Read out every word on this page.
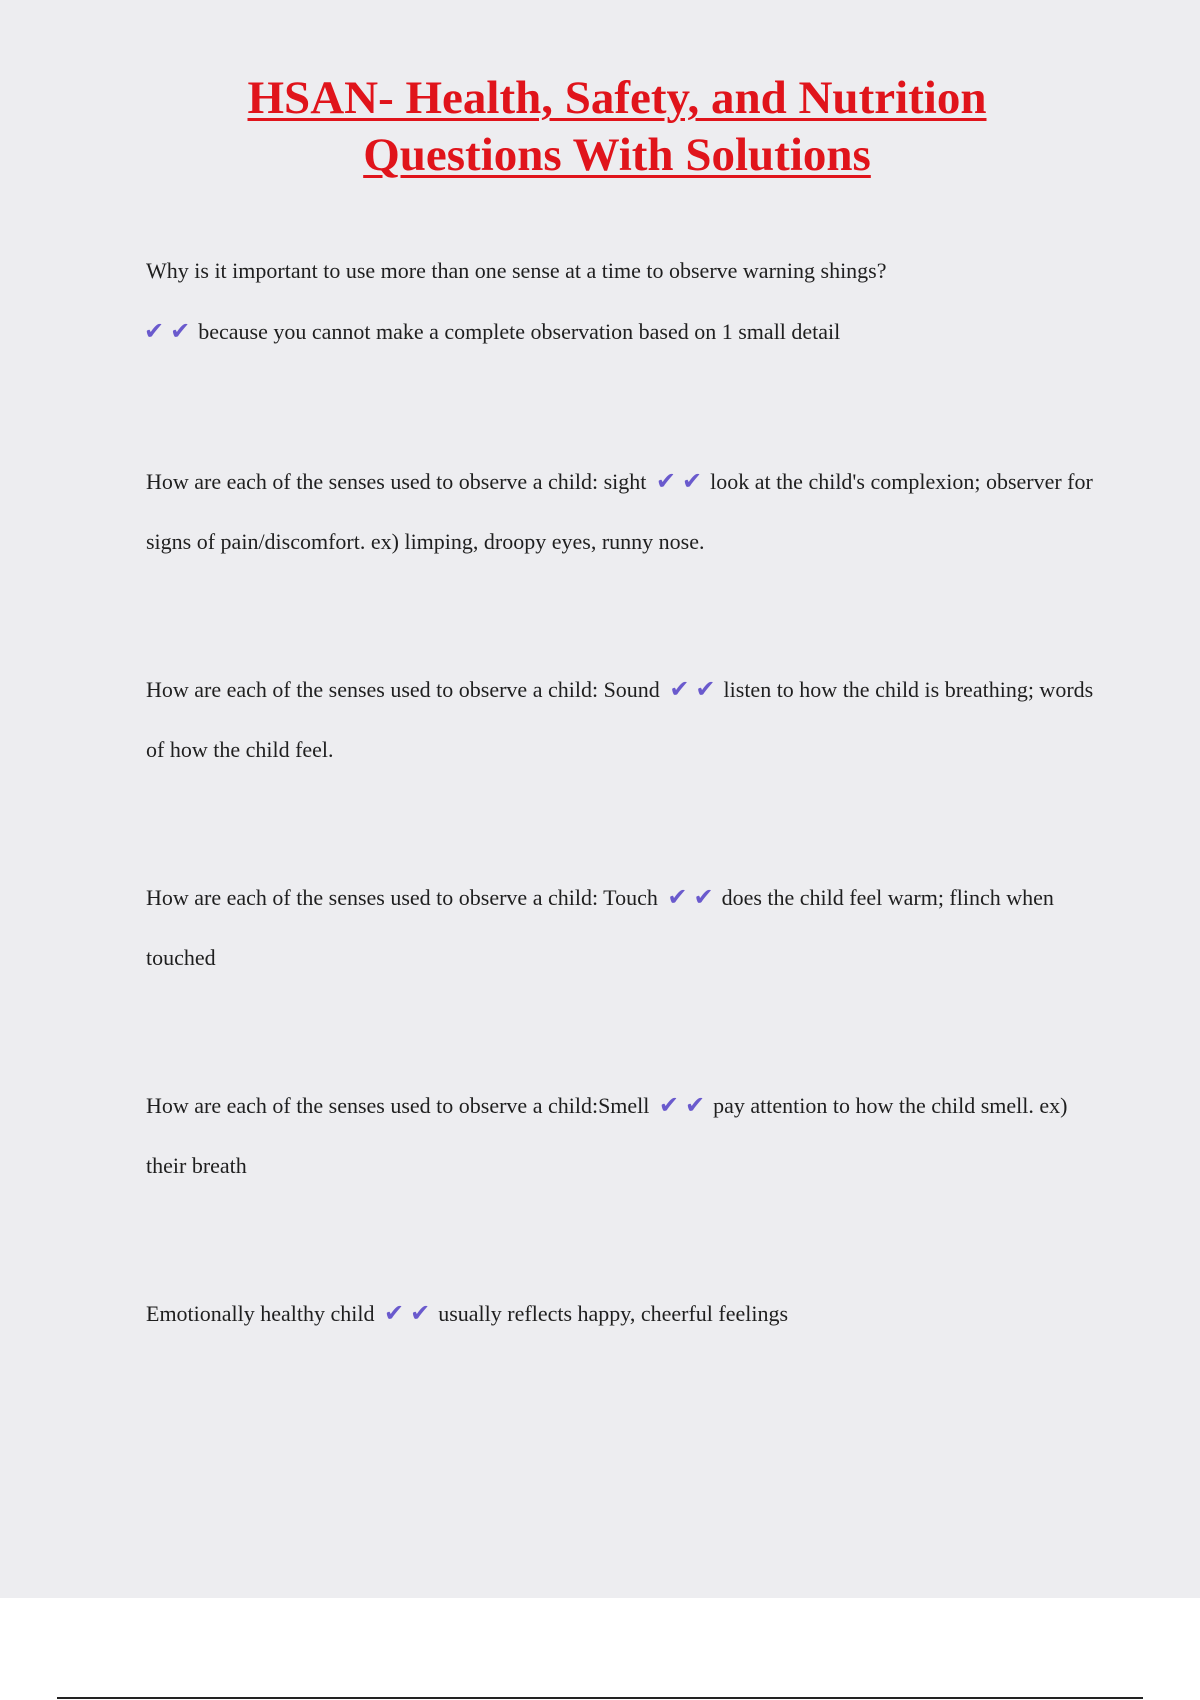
HSAN- Health, Safety, and Nutrition
Questions With Solutions
Why is it important to use more than one sense at a time to observe warning shings?
✔✔because you cannot make a complete observation based on 1 small detail

How are each of the senses used to observe a child: sight ✔✔look at the child's complexion; observer for signs of pain/discomfort. ex) limping, droopy eyes, runny nose.

How are each of the senses used to observe a child: Sound ✔✔listen to how the child is breathing; words of how the child feel.

How are each of the senses used to observe a child: Touch ✔✔does the child feel warm; flinch when touched

How are each of the senses used to observe a child:Smell ✔✔pay attention to how the child smell. ex) their breath

Emotionally healthy child ✔✔usually reflects happy, cheerful feelings
